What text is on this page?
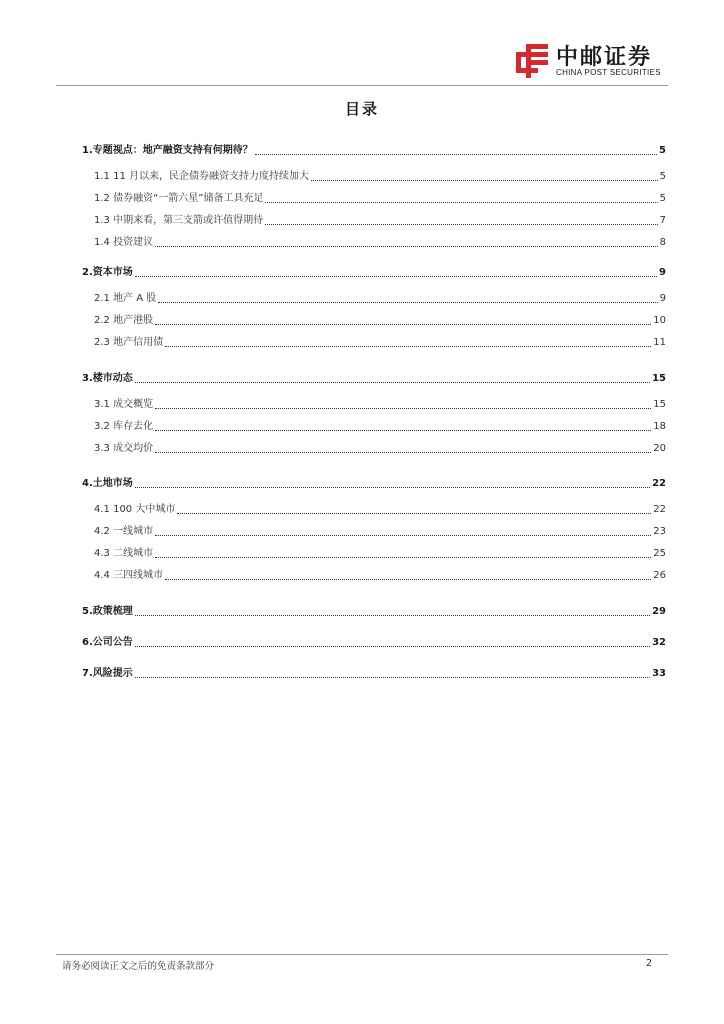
中邮证券
CHINA POST SECURITIES
目录
1.专题视点：地产融资支持有何期待？	5
1.1 11 月以来，民企债券融资支持力度持续加大	5
1.2 债券融资“一箭六星”储备工具充足	5
1.3 中期来看，第三支箭或许值得期待	7
1.4 投资建议	8
2.资本市场	9
2.1 地产 A 股	9
2.2 地产港股	10
2.3 地产信用债	11
3.楼市动态	15
3.1 成交概览	15
3.2 库存去化	18
3.3 成交均价	20
4.土地市场	22
4.1 100 大中城市	22
4.2 一线城市	23
4.3 二线城市	25
4.4 三四线城市	26
5.政策梳理	29
6.公司公告	32
7.风险提示	33
请务必阅读正文之后的免责条款部分	2
